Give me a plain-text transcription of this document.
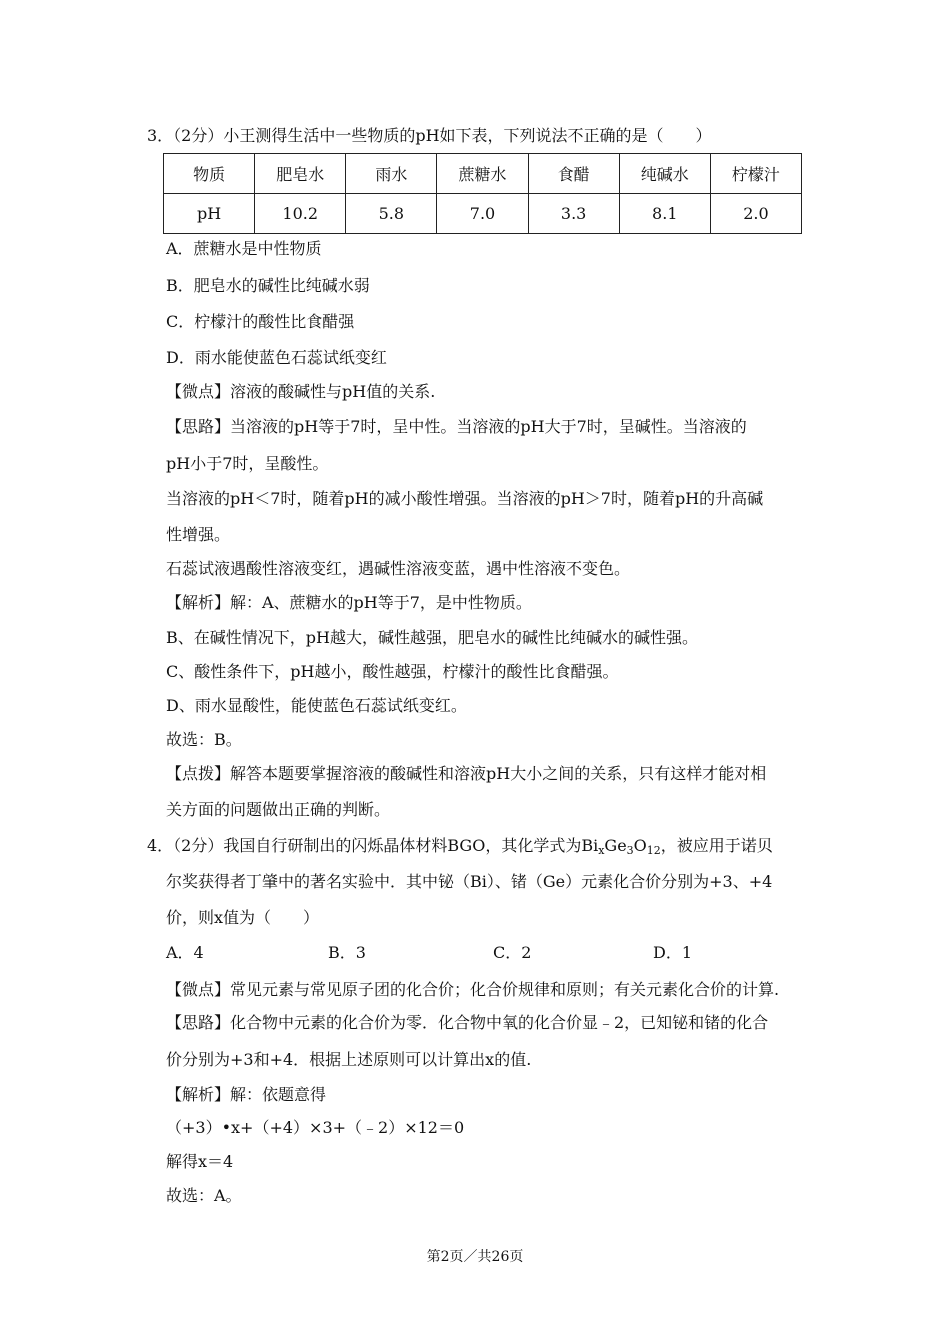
3．（2分）小王测得生活中一些物质的pH如下表，下列说法不正确的是（　　）
物质	肥皂水	雨水	蔗糖水	食醋	纯碱水	柠檬汁
pH	10.2	5.8	7.0	3.3	8.1	2.0
A．蔗糖水是中性物质
B．肥皂水的碱性比纯碱水弱
C．柠檬汁的酸性比食醋强
D．雨水能使蓝色石蕊试纸变红
【微点】溶液的酸碱性与pH值的关系.
【思路】当溶液的pH等于7时，呈中性。当溶液的pH大于7时，呈碱性。当溶液的
pH小于7时，呈酸性。
当溶液的pH＜7时，随着pH的减小酸性增强。当溶液的pH＞7时，随着pH的升高碱
性增强。
石蕊试液遇酸性溶液变红，遇碱性溶液变蓝，遇中性溶液不变色。
【解析】解：A、蔗糖水的pH等于7，是中性物质。
B、在碱性情况下，pH越大，碱性越强，肥皂水的碱性比纯碱水的碱性强。
C、酸性条件下，pH越小，酸性越强，柠檬汁的酸性比食醋强。
D、雨水显酸性，能使蓝色石蕊试纸变红。
故选：B。
【点拨】解答本题要掌握溶液的酸碱性和溶液pH大小之间的关系，只有这样才能对相
关方面的问题做出正确的判断。
4．（2分）我国自行研制出的闪烁晶体材料BGO，其化学式为$Bi_xGe_3O_{12}$，被应用于诺贝
尔奖获得者丁肇中的著名实验中．其中铋（Bi）、锗（Ge）元素化合价分别为+3、+4
价，则x值为（　　）
A．4	B．3	C．2	D．1
【微点】常见元素与常见原子团的化合价；化合价规律和原则；有关元素化合价的计算.
【思路】化合物中元素的化合价为零．化合物中氧的化合价显﹣2，已知铋和锗的化合
价分别为+3和+4．根据上述原则可以计算出x的值.
【解析】解：依题意得
（+3）•x+（+4）×3+（﹣2）×12＝0
解得x＝4
故选：A。
第2页／共26页
